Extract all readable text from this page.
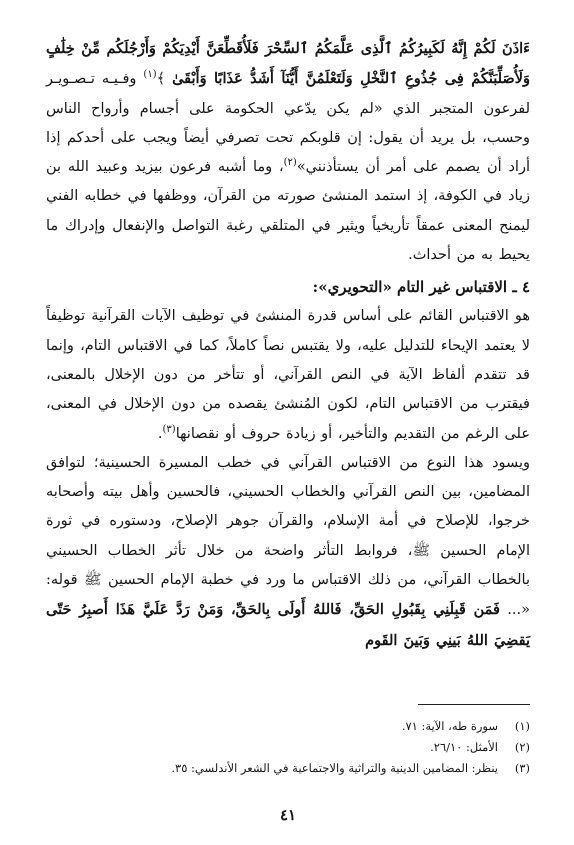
ءَاذَنَ لَكُمْ إِنَّهُ لَكَبِيرُكُمُ ٱلَّذِى عَلَّمَكُمُ ٱلسِّحْرَ فَلَأُقَطِّعَنَّ أَيْدِيَكُمْ وَأَرْجُلَكُم مِّنْ خِلَٰفٍ وَلَأُصَلِّبَنَّكُمْ فِى جُذُوعِ ٱلنَّخْلِ وَلَتَعْلَمُنَّ أَيُّنَآ أَشَدُّ عَذَابًا وَأَبْقَىٰ ﴾$^{(١)}$ وفـيـه تـصـويـر لفرعون المتجبر الذي «لم يكن يدّعي الحكومة على أجسام وأرواح الناس وحسب، بل يريد أن يقول: إن قلوبكم تحت تصرفي أيضاً ويجب على أحدكم إذا أراد أن يصمم على أمر أن يستأذنني»$^{(٢)}$، وما أشبه فرعون بيزيد وعبيد الله بن زياد في الكوفة، إذ استمد المنشئ صورته من القرآن، ووظفها في خطابه الفني ليمنح المعنى عمقاً تأريخياً ويثير في المتلقي رغبة التواصل والإنفعال وإدراك ما يحيط به من أحداث.

٤ ـ الاقتباس غير التام «التحويري»:

هو الاقتباس القائم على أساس قدرة المنشئ في توظيف الآيات القرآنية توظيفاً لا يعتمد الإيحاء للتدليل عليه، ولا يقتبس نصاً كاملاً، كما في الاقتباس التام، وإنما قد تتقدم ألفاظ الآية في النص القرآني، أو تتأخر من دون الإخلال بالمعنى، فيقترب من الاقتباس التام، لكون المُنشئ يقصده من دون الإخلال في المعنى، على الرغم من التقديم والتأخير، أو زيادة حروف أو نقصانها$^{(٣)}$.

ويسود هذا النوع من الاقتباس القرآني في خطب المسيرة الحسينية؛ لتوافق المضامين، بين النص القرآني والخطاب الحسيني، فالحسين وأهل بيته وأصحابه خرجوا، للإصلاح في أمة الإسلام، والقرآن جوهر الإصلاح، ودستوره في ثورة الإمام الحسين ﷺ، فروابط التأثر واضحة من خلال تأثر الخطاب الحسيني بالخطاب القرآني، من ذلك الاقتباس ما ورد في خطبة الإمام الحسين ﷺ قوله: «... فَمَن قَبِلَنِي بِقَبُولِ الحَقِّ، فَاللهُ أَولَى بِالحَقِّ، وَمَنْ رَدَّ عَلَيَّ هَذَا أَصبِرُ حَتّى يَقضِيَ اللهُ بَينِي وَبَينَ القَوم

(١)
سورة طه، الآية: ٧١.
(٢)
الأمثل: ٢٦/١٠.
(٣)
ينظر: المضامين الدينية والتراثية والاجتماعية في الشعر الأندلسي: ٣٥.
٤١
